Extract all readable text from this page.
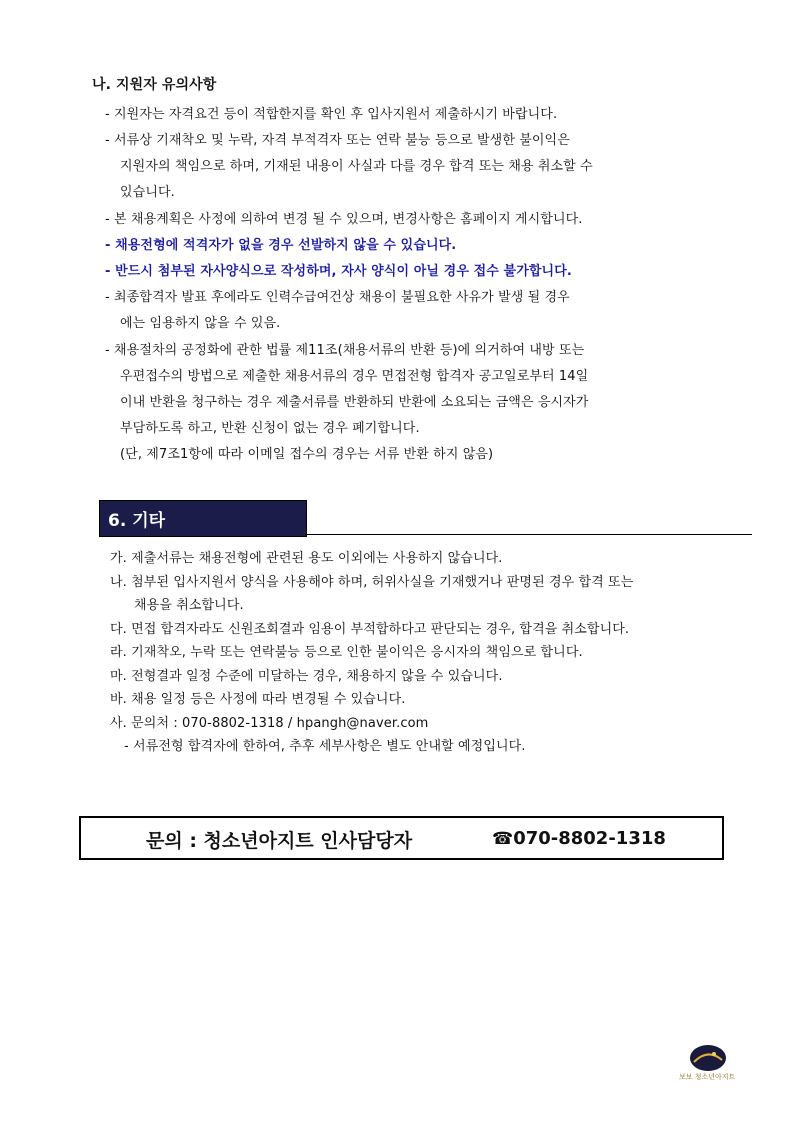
나. 지원자 유의사항
- 지원자는 자격요건 등이 적합한지를 확인 후 입사지원서 제출하시기 바랍니다.
- 서류상 기재착오 및 누락, 자격 부적격자 또는 연락 불능 등으로 발생한 불이익은
지원자의 책임으로 하며, 기재된 내용이 사실과 다를 경우 합격 또는 채용 취소할 수
있습니다.
- 본 채용계획은 사정에 의하여 변경 될 수 있으며, 변경사항은 홈페이지 게시합니다.
- 채용전형에 적격자가 없을 경우 선발하지 않을 수 있습니다.
- 반드시 첨부된 자사양식으로 작성하며, 자사 양식이 아닐 경우 접수 불가합니다.
- 최종합격자 발표 후에라도 인력수급여건상 채용이 불필요한 사유가 발생 될 경우
에는 임용하지 않을 수 있음.
- 채용절차의 공정화에 관한 법률 제11조(채용서류의 반환 등)에 의거하여 내방 또는
우편접수의 방법으로 제출한 채용서류의 경우 면접전형 합격자 공고일로부터 14일
이내 반환을 청구하는 경우 제출서류를 반환하되 반환에 소요되는 금액은 응시자가
부담하도록 하고, 반환 신청이 없는 경우 폐기합니다.
(단, 제7조1항에 따라 이메일 접수의 경우는 서류 반환 하지 않음)
6. 기타
가. 제출서류는 채용전형에 관련된 용도 이외에는 사용하지 않습니다.
나. 첨부된 입사지원서 양식을 사용해야 하며, 허위사실을 기재했거나 판명된 경우 합격 또는
채용을 취소합니다.
다. 면접 합격자라도 신원조회결과 임용이 부적합하다고 판단되는 경우, 합격을 취소합니다.
라. 기재착오, 누락 또는 연락불능 등으로 인한 불이익은 응시자의 책임으로 합니다.
마. 전형결과 일정 수준에 미달하는 경우, 채용하지 않을 수 있습니다.
바. 채용 일정 등은 사정에 따라 변경될 수 있습니다.
사. 문의처 : 070-8802-1318 / hpangh@naver.com
- 서류전형 합격자에 한하여, 추후 세부사항은 별도 안내할 예정입니다.
문의 : 청소년아지트 인사담당자	☎070-8802-1318
보보 청소년아지트
